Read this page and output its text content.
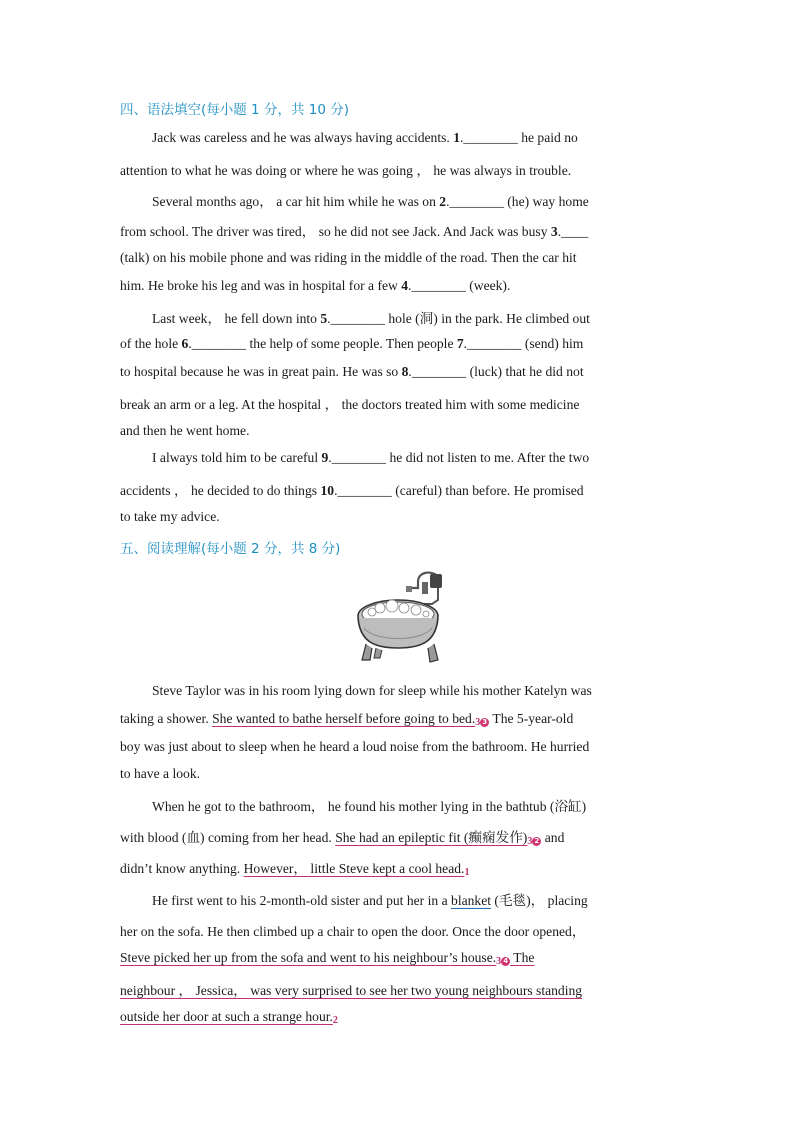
四、语法填空(每小题 1 分，共 10 分)
Jack was careless and he was always having accidents. 1.________ he paid no
attention to what he was doing or where he was going ， he was always in trouble.
Several months ago， a car hit him while he was on 2.________ (he) way home
from school. The driver was tired， so he did not see Jack. And Jack was busy 3.____
(talk) on his mobile phone and was riding in the middle of the road. Then the car hit
him. He broke his leg and was in hospital for a few 4.________ (week).
Last week， he fell down into 5.________ hole (洞) in the park. He climbed out
of the hole 6.________ the help of some people. Then people 7.________ (send) him
to hospital because he was in great pain. He was so 8.________ (luck) that he did not
break an arm or a leg. At the hospital ， the doctors treated him with some medicine
and then he went home.
I always told him to be careful 9.________ he did not listen to me. After the two
accidents ， he decided to do things 10.________ (careful) than before. He promised
to take my advice.
五、阅读理解(每小题 2 分，共 8 分)
Steve Taylor was in his room lying down for sleep while his mother Katelyn was
taking a shower. She wanted to bathe herself before going to bed.3 3 The 5-year-old
boy was just about to sleep when he heard a loud noise from the bathroom. He hurried
to have a look.
When he got to the bathroom， he found his mother lying in the bathtub (浴缸)
with blood (血) coming from her head. She had an epileptic fit (癫痫发作)3 2 and
didn’t know anything. However， little Steve kept a cool head.1
He first went to his 2-month-old sister and put her in a blanket (毛毯)， placing
her on the sofa. He then climbed up a chair to open the door. Once the door opened，
Steve picked her up from the sofa and went to his neighbour’s house.3 4 The
neighbour ， Jessica， was very surprised to see her two young neighbours standing
outside her door at such a strange hour.2
